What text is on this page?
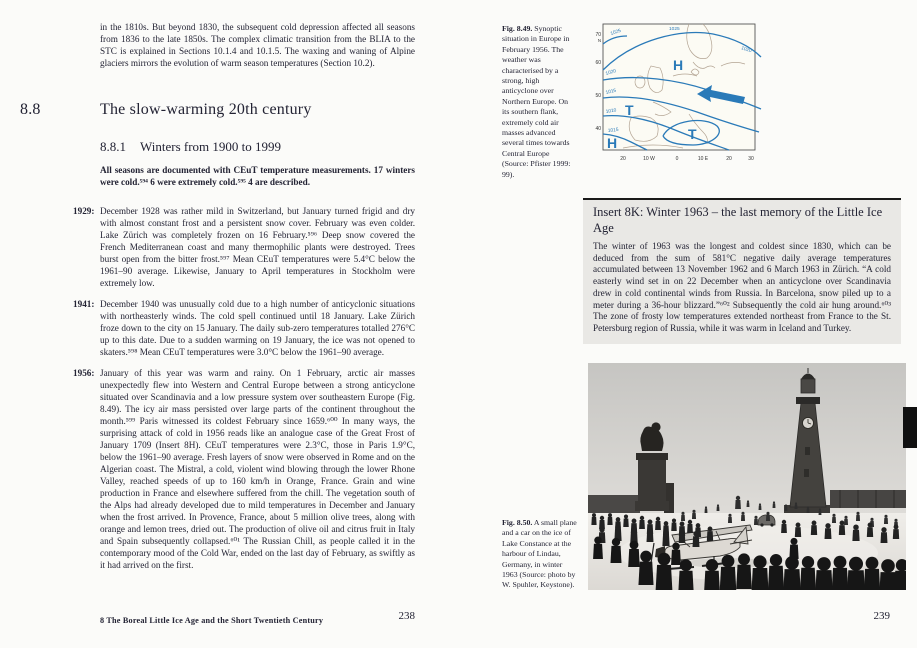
in the 1810s. But beyond 1830, the subsequent cold depression affected all seasons from 1836 to the late 1850s. The complex climatic transition from the BLIA to the STC is explained in Sections 10.1.4 and 10.1.5. The waxing and waning of Alpine glaciers mirrors the evolution of warm season temperatures (Section 10.2).

8.8	The slow-warming 20th century
8.8.1 Winters from 1900 to 1999

All seasons are documented with CEuT temperature measurements. 17 winters were cold.⁵⁹⁴ 6 were extremely cold.⁵⁹⁵ 4 are described.

1929: December 1928 was rather mild in Switzerland, but January turned frigid and dry with almost constant frost and a persistent snow cover. February was even colder. Lake Zürich was completely frozen on 16 February.⁵⁹⁶ Deep snow covered the French Mediterranean coast and many thermophilic plants were destroyed. Trees burst open from the bitter frost.⁵⁹⁷ Mean CEuT temperatures were 5.4°C below the 1961–90 average. Likewise, January to April temperatures in Stockholm were extremely low.
1941: December 1940 was unusually cold due to a high number of anticyclonic situations with northeasterly winds. The cold spell continued until 18 January. Lake Zürich froze down to the city on 15 January. The daily sub-zero temperatures totalled 276°C up to this date. Due to a sudden warming on 19 January, the ice was not opened to skaters.⁵⁹⁸ Mean CEuT temperatures were 3.0°C below the 1961–90 average.
1956: January of this year was warm and rainy. On 1 February, arctic air masses unexpectedly flew into Western and Central Europe between a strong anticyclone situated over Scandinavia and a low pressure system over southeastern Europe (Fig. 8.49). The icy air mass persisted over large parts of the continent throughout the month.⁵⁹⁹ Paris witnessed its coldest February since 1659.⁶⁰⁰ In many ways, the surprising attack of cold in 1956 reads like an analogue case of the Great Frost of January 1709 (Insert 8H). CEuT temperatures were 2.3°C, those in Paris 1.9°C, below the 1961–90 average. Fresh layers of snow were observed in Rome and on the Algerian coast. The Mistral, a cold, violent wind blowing through the lower Rhone Valley, reached speeds of up to 160 km/h in Orange, France. Grain and wine production in France and elsewhere suffered from the chill. The vegetation south of the Alps had already developed due to mild temperatures in December and January when the frost arrived. In Provence, France, about 5 million olive trees, along with orange and lemon trees, dried out. The production of olive oil and citrus fruit in Italy and Spain subsequently collapsed.⁶⁰¹ The Russian Chill, as people called it in the contemporary mood of the Cold War, ended on the last day of February, as swiftly as it had arrived on the first.
8 The Boreal Little Ice Age and the Short Twentieth Century	238

Fig. 8.49. Synoptic situation in Europe in February 1956. The weather was characterised by a strong, high anticyclone over Northern Europe. On its southern flank, extremely cold air masses advanced several times towards Central Europe (Source: Pfister 1999: 99).

1025	1025
1020
1020
1015
1010
1015
H
T
T
H
70
N
60
50
40
20	10 W	0	10 E	20	30
Insert 8K: Winter 1963 – the last memory of the Little Ice Age

The winter of 1963 was the longest and coldest since 1830, which can be deduced from the sum of 581°C negative daily average temperatures accumulated between 13 November 1962 and 6 March 1963 in Zürich. “A cold easterly wind set in on 22 December when an anticyclone over Scandinavia drew in cold continental winds from Russia. In Barcelona, snow piled up to a meter during a 36-hour blizzard.”⁶⁰² Subsequently the cold air hung around.⁶⁰³ The zone of frosty low temperatures extended northeast from France to the St. Petersburg region of Russia, while it was warm in Iceland and Turkey.

Fig. 8.50. A small plane and a car on the ice of Lake Constance at the harbour of Lindau, Germany, in winter 1963 (Source: photo by W. Spuhler, Keystone).

239
